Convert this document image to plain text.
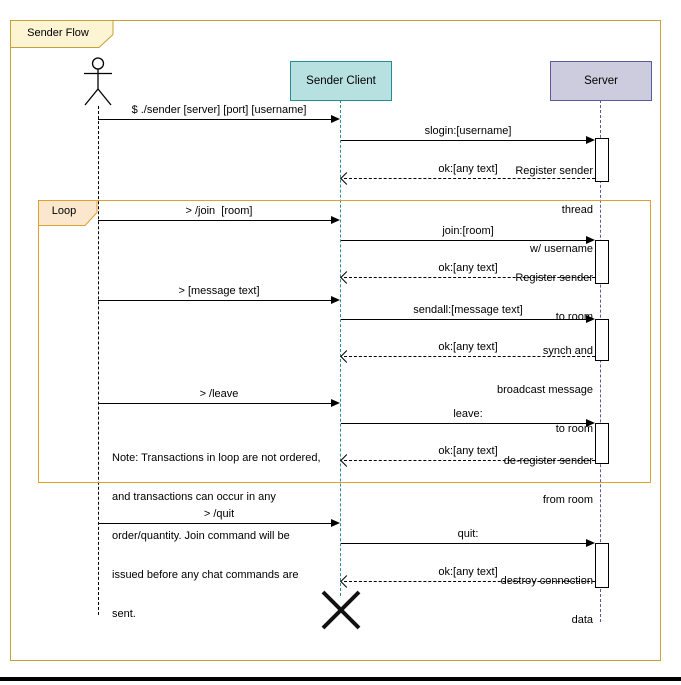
Sender Flow
Sender Client	Server
Loop
$ ./sender [server] [port] [username]
slogin:[username]
ok:[any text]

	Register sender

thread

w/ username

> /join  [room]
join:[room]
ok:[any text]

Register sender

to room

> [message text]
sendall:[message text]
ok:[any text]

	synch and

broadcast message

to room

> /leave
leave:
ok:[any text]

de-register sender

from room

Note: Transactions in loop are not ordered,

and transactions can occur in any

order/quantity. Join command will be

issued before any chat commands are

sent.

> /quit
quit:
ok:[any text]

destroy connection

data
